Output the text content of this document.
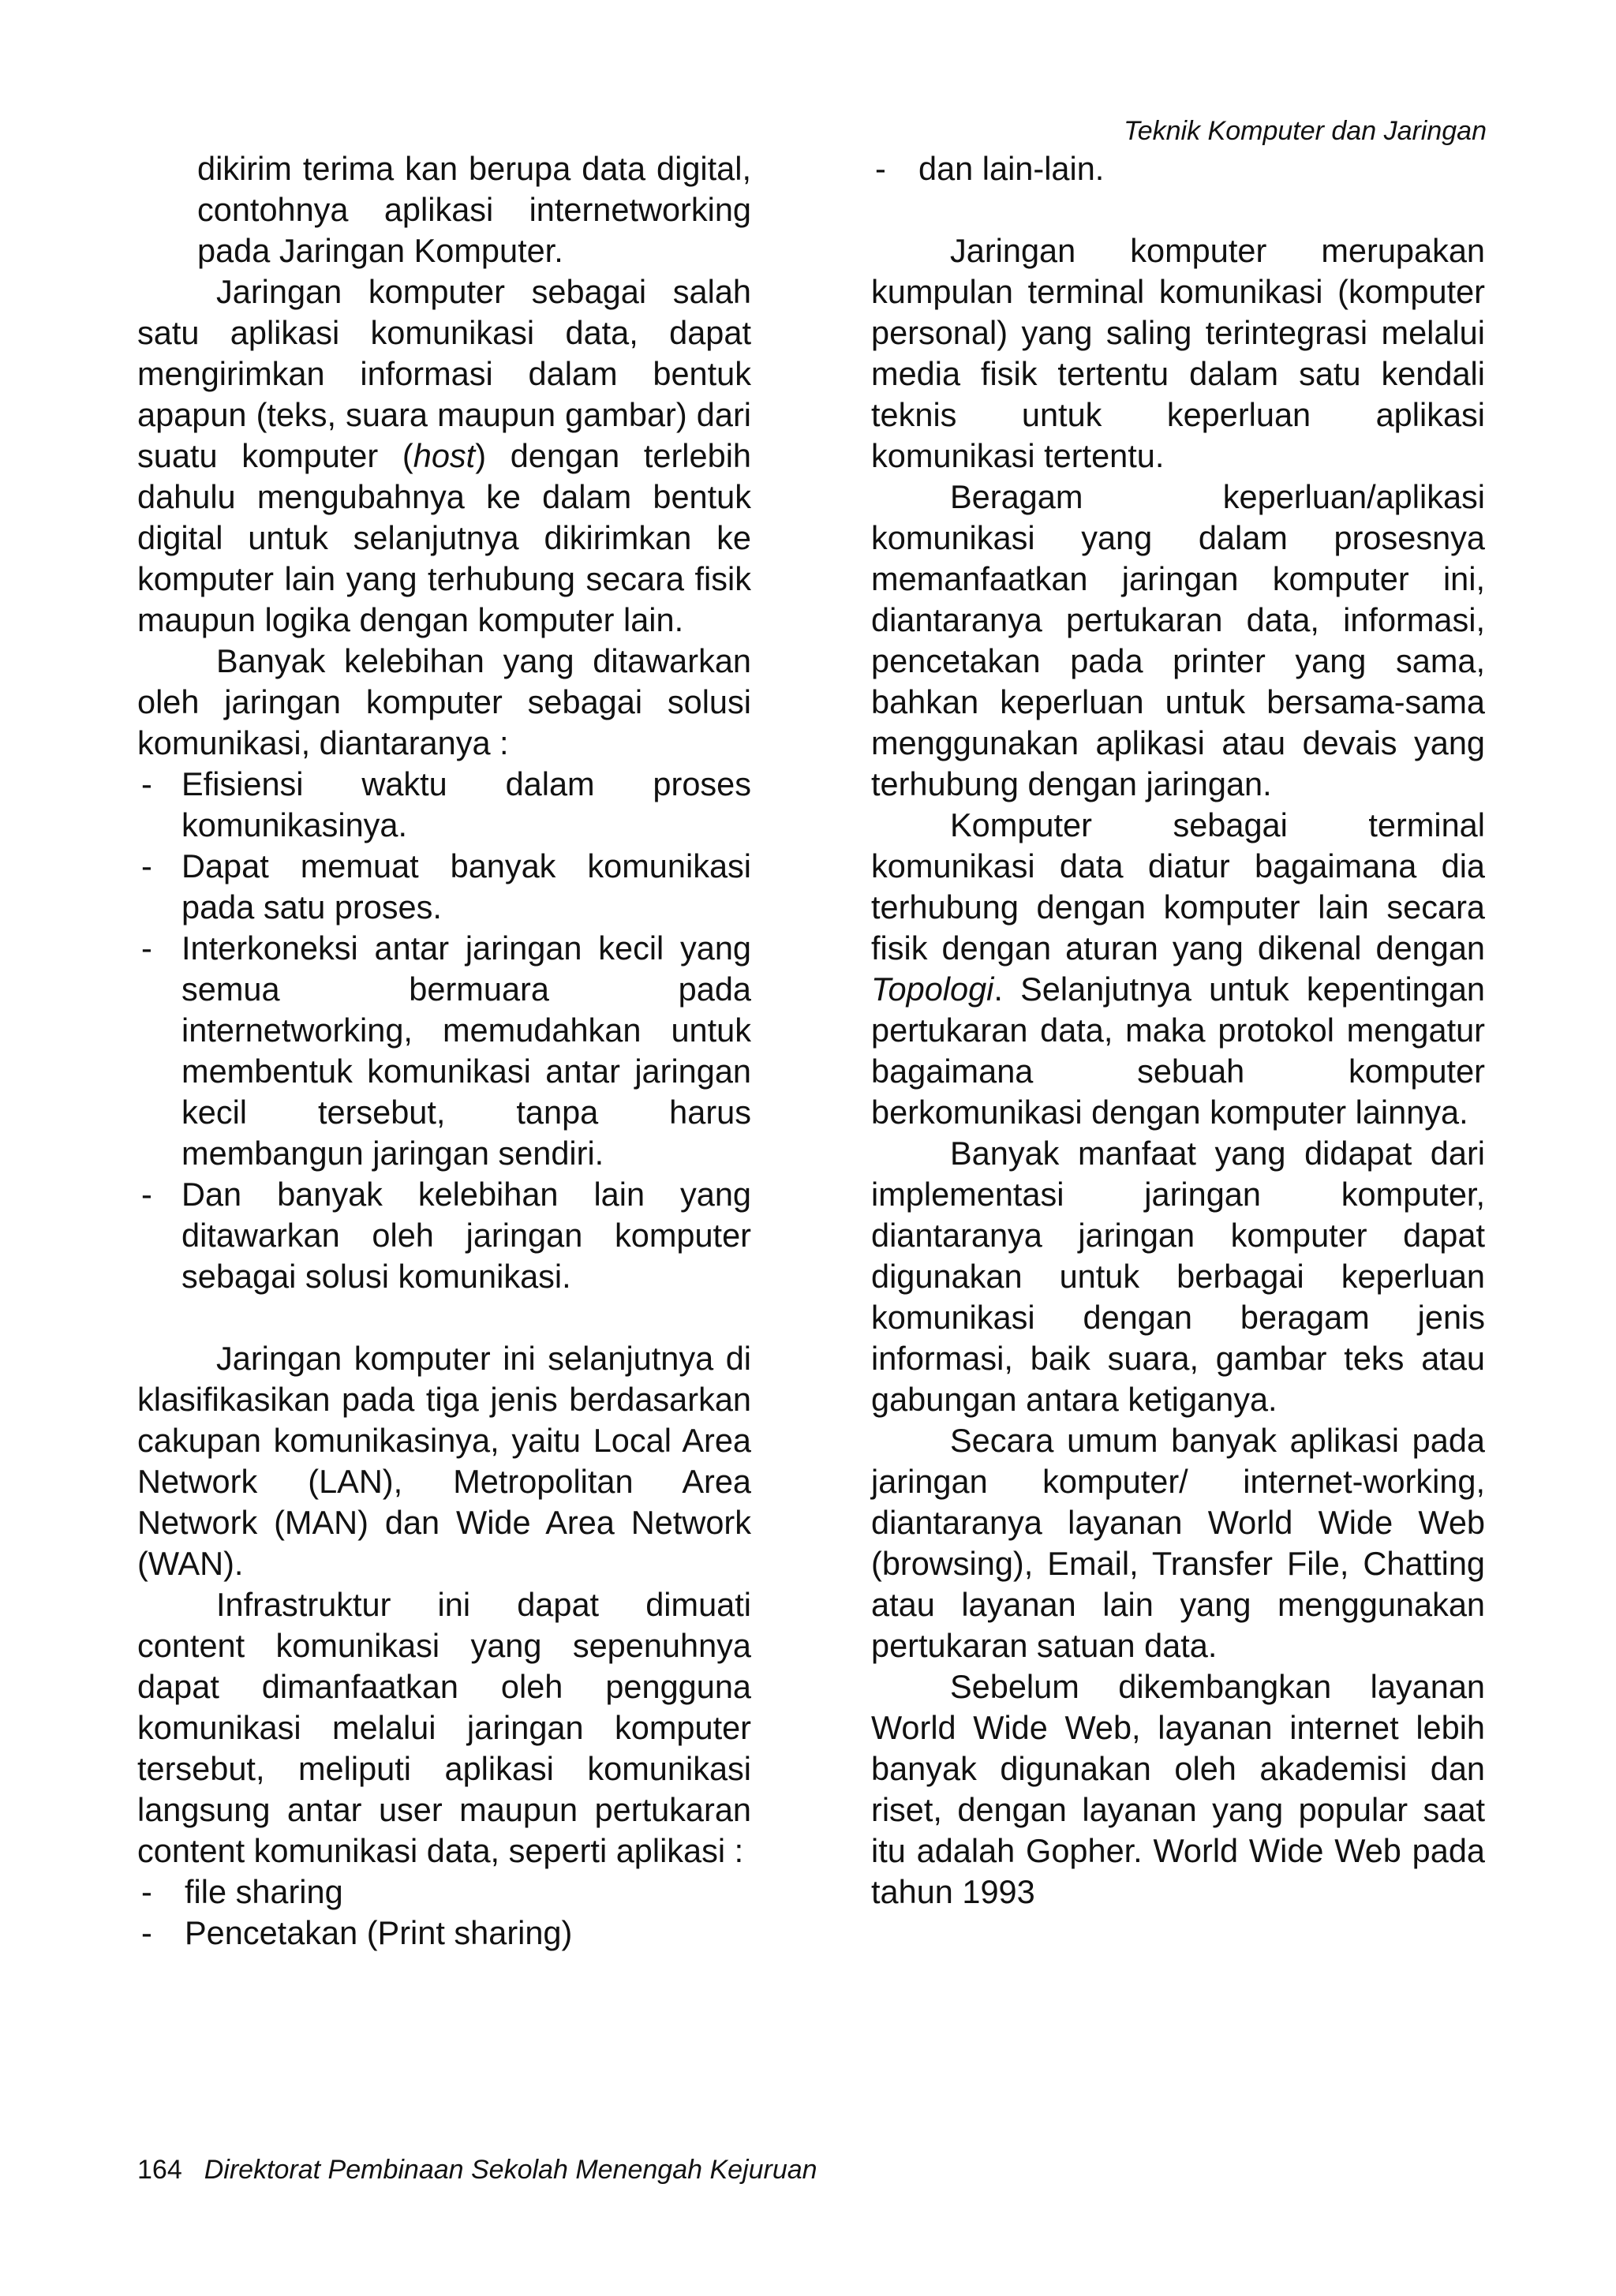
Teknik Komputer dan Jaringan

dikirim terima kan berupa data digital, contohnya aplikasi internetworking pada Jaringan Komputer.

Jaringan komputer sebagai salah satu aplikasi komunikasi data, dapat mengirimkan informasi dalam bentuk apapun (teks, suara maupun gambar) dari suatu komputer (host) dengan terlebih dahulu mengubahnya ke dalam bentuk digital untuk selanjutnya dikirimkan ke komputer lain yang terhubung secara fisik maupun logika dengan komputer lain.

Banyak kelebihan yang ditawarkan oleh jaringan komputer sebagai solusi komunikasi, diantaranya :

- Efisiensi waktu dalam proses komunikasinya.
- Dapat memuat banyak komunikasi pada satu proses.
- Interkoneksi antar jaringan kecil yang semua bermuara pada internetworking, memudahkan untuk membentuk komunikasi antar jaringan kecil tersebut, tanpa harus membangun jaringan sendiri.
- Dan banyak kelebihan lain yang ditawarkan oleh jaringan komputer sebagai solusi komunikasi.

Jaringan komputer ini selanjutnya di klasifikasikan pada tiga jenis berdasarkan cakupan komunikasinya, yaitu Local Area Network (LAN), Metropolitan Area Network (MAN) dan Wide Area Network (WAN).

Infrastruktur ini dapat dimuati content komunikasi yang sepenuhnya dapat dimanfaatkan oleh pengguna komunikasi melalui jaringan komputer tersebut, meliputi aplikasi komunikasi langsung antar user maupun pertukaran content komunikasi data, seperti aplikasi :

- file sharing
- Pencetakan (Print sharing)
- dan lain-lain.

Jaringan komputer merupakan kumpulan terminal komunikasi (komputer personal) yang saling terintegrasi melalui media fisik tertentu dalam satu kendali teknis untuk keperluan aplikasi komunikasi tertentu.

Beragam keperluan/aplikasi komunikasi yang dalam prosesnya memanfaatkan jaringan komputer ini, diantaranya pertukaran data, informasi, pencetakan pada printer yang sama, bahkan keperluan untuk bersama-sama menggunakan aplikasi atau devais yang terhubung dengan jaringan.

Komputer sebagai terminal komunikasi data diatur bagaimana dia terhubung dengan komputer lain secara fisik dengan aturan yang dikenal dengan Topologi. Selanjutnya untuk kepentingan pertukaran data, maka protokol mengatur bagaimana sebuah komputer berkomunikasi dengan komputer lainnya.

Banyak manfaat yang didapat dari implementasi jaringan komputer, diantaranya jaringan komputer dapat digunakan untuk berbagai keperluan komunikasi dengan beragam jenis informasi, baik suara, gambar teks atau gabungan antara ketiganya.

Secara umum banyak aplikasi pada jaringan komputer/ internet-working, diantaranya layanan World Wide Web (browsing), Email, Transfer File, Chatting atau layanan lain yang menggunakan pertukaran satuan data.

Sebelum dikembangkan layanan World Wide Web, layanan internet lebih banyak digunakan oleh akademisi dan riset, dengan layanan yang popular saat itu adalah Gopher. World Wide Web pada tahun 1993

164 Direktorat Pembinaan Sekolah Menengah Kejuruan
